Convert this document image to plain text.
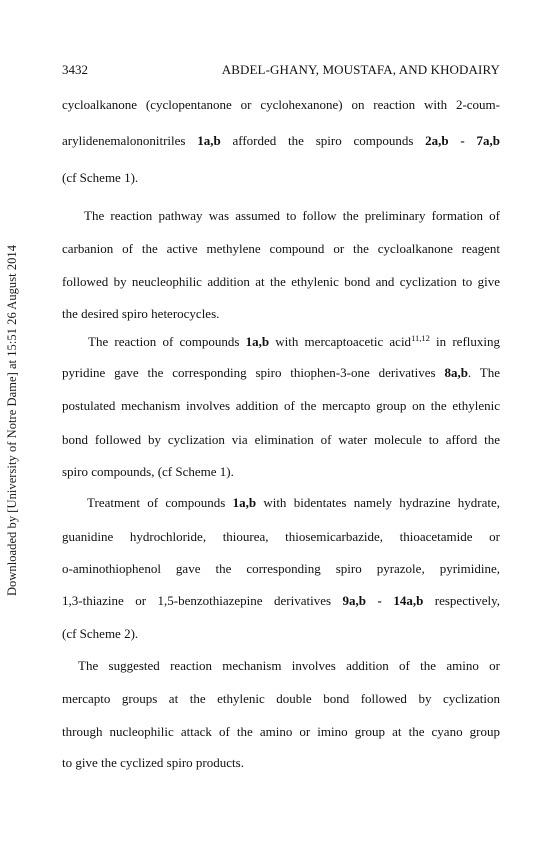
Downloaded by [University of Notre Dame] at 15:51 26 August 2014
3432	ABDEL-GHANY, MOUSTAFA, AND KHODAIRY
cycloalkanone (cyclopentanone or cyclohexanone) on reaction with 2-coum-
arylidenemalononitriles 1a,b afforded the spiro compounds 2a,b - 7a,b
(cf Scheme 1).
The reaction pathway was assumed to follow the preliminary formation of
carbanion of the active methylene compound or the cycloalkanone reagent
followed by neucleophilic addition at the ethylenic bond and cyclization to give
the desired spiro heterocycles.
The reaction of compounds 1a,b with mercaptoacetic acid$^{11,12}$ in refluxing
pyridine gave the corresponding spiro thiophen-3-one derivatives 8a,b. The
postulated mechanism involves addition of the mercapto group on the ethylenic
bond followed by cyclization via elimination of water molecule to afford the
spiro compounds, (cf Scheme 1).
Treatment of compounds 1a,b with bidentates namely hydrazine hydrate,
guanidine hydrochloride, thiourea, thiosemicarbazide, thioacetamide or
o-aminothiophenol gave the corresponding spiro pyrazole, pyrimidine,
1,3-thiazine or 1,5-benzothiazepine derivatives 9a,b - 14a,b respectively,
(cf Scheme 2).
The suggested reaction mechanism involves addition of the amino or
mercapto groups at the ethylenic double bond followed by cyclization
through nucleophilic attack of the amino or imino group at the cyano group
to give the cyclized spiro products.
